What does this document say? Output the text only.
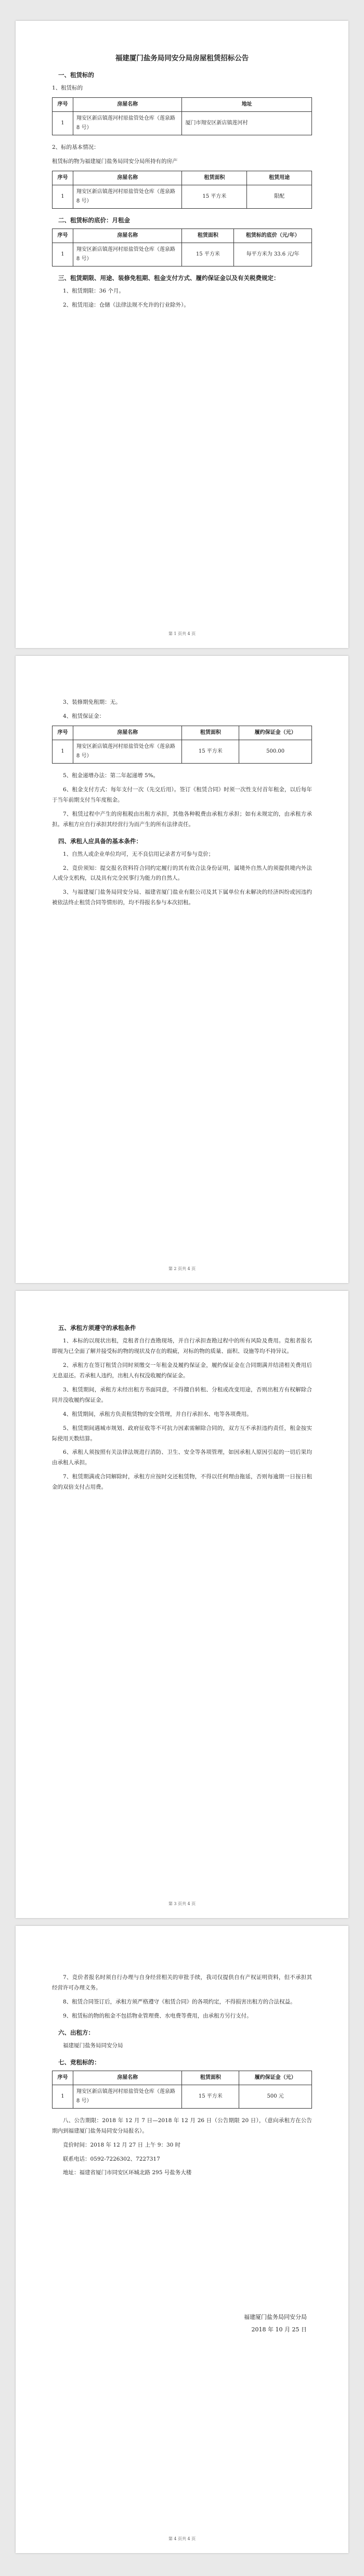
福建厦门盐务局同安分局房屋租赁招标公告
一、租赁标的

1、租赁标的

序号	房屋名称	地址
1	翔安区新店镇莲河村原盐管处仓库（莲泉路 8 号）	厦门市翔安区新店镇莲河村

2、标的基本情况：

租赁标的物为福建厦门盐务局同安分局所持有的房产

序号	房屋名称	租赁面积	租赁用途
1	翔安区新店镇莲河村原盐管处仓库（莲泉路 8 号）	15 平方米	限配
二、租赁标的底价：月租金
序号	房屋名称	租赁面积	租赁标的底价（元/年）
1	翔安区新店镇莲河村原盐管处仓库（莲泉路 8 号）	15 平方米	每平方米为 33.6 元/年
三、租赁期限、用途、装修免租期、租金支付方式、履约保证金以及有关税费规定：

1、租赁期限：36 个月。

2、租赁用途：仓储（法律法规不允许的行业除外）。

第 1 页共 4 页

3、装修期免租期：无。

4、租赁保证金：

序号	房屋名称	租赁面积	履约保证金（元）
1	翔安区新店镇莲河村原盐管处仓库（莲泉路 8 号）	15 平方米	500.00

5、租金递增办法：第二年起递增 5%。

6、租金支付方式：每年支付一次（先交后用）。签订《租赁合同》时须一次性支付首年租金，以后每年于当年前期支付当年度租金。

7、租赁过程中产生的房租税由出租方承担，其他各种税费由承租方承担；如有未规定的，由承租方承担。承租方应自行承担其经营行为而产生的所有法律责任。

四、承租人应具备的基本条件：

1、自然人或企业单位均可，无不良信用记录者方可参与竞价；

2、竞价须知：提交报名资料符合同约定履行的其有效合法身份证明，属境外自然人的须提供境内外法人或分支机构，以及具有完全民事行为能力的自然人。

3、与福建厦门盐务局同安分局、福建省厦门盐业有限公司及其下属单位有未解决的经济纠纷或因违约被依法终止租赁合同等情形的，均不得报名参与本次招租。

第 2 页共 4 页
五、承租方须遵守的承租条件

1、本标的以现状出租，竞租者自行查勘现场，并自行承担查勘过程中的所有风险及费用。竞租者报名即视为已全面了解并接受标的物的现状及存在的瑕疵，对标的物的质量、面积、设施等均不持异议。

2、承租方在签订租赁合同时须缴交一年租金及履约保证金，履约保证金在合同期满并结清相关费用后无息退还。若承租人违约，出租人有权没收履约保证金。

3、租赁期间，承租方未经出租方书面同意，不得擅自转租、分租或改变用途，否则出租方有权解除合同并没收履约保证金。

4、租赁期间，承租方负责租赁物的安全管理，并自行承担水、电等各项费用。

5、租赁期间遇城市规划、政府征收等不可抗力因素需解除合同的，双方互不承担违约责任，租金按实际使用天数结算。

6、承租人须按照有关法律法规进行消防、卫生、安全等各项管理，如因承租人原因引起的一切后果均由承租人承担。

7、租赁期满或合同解除时，承租方应按时交还租赁物，不得以任何理由拖延，否则每逾期一日按日租金的双倍支付占用费。

第 3 页共 4 页

7、竞价者报名时须自行办理与自身经营相关的审批手续，我司仅提供自有产权证明资料，但不承担其经营许可办理义务。

8、租赁合同签订后，承租方须严格遵守《租赁合同》的各项约定，不得损害出租方的合法权益。

9、租赁标的物的租金不包括物业管理费、水电费等费用，由承租方另行支付。

六、出租方：

福建厦门盐务局同安分局

七、竞租标的：
序号	房屋名称	租赁面积	履约保证金（元）
1	翔安区新店镇莲河村原盐管处仓库（莲泉路 8 号）	15 平方米	500 元

八、公告期限：2018 年 12 月 7 日—2018 年 12 月 26 日（公告期限 20 日），（意向承租方在公告期内到福建厦门盐务局同安分局报名）。

竞价时间：2018 年 12 月 27 日 上午 9：30 时

联系电话：0592-7226302、7227317

地址：福建省厦门市同安区环城北路 295 号盐务大楼

福建厦门盐务局同安分局
2018 年 10 月 25 日
第 4 页共 4 页
